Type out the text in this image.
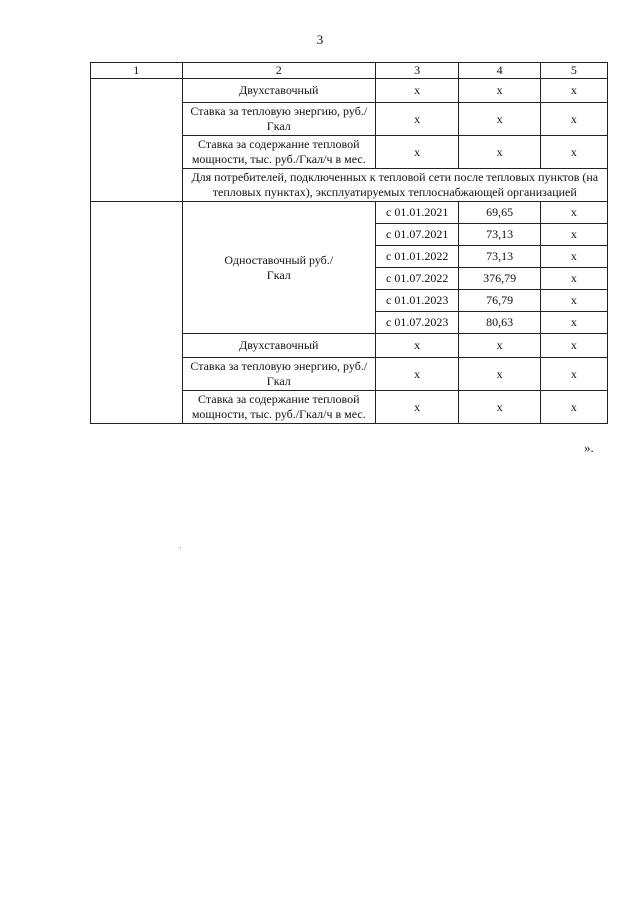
3
1	2	3	4	5
	Двухставочный	х	х	х
	Ставка за тепловую энергию, руб./Гкал	х	х	х
	Ставка за содержание тепловой мощности, тыс. руб./Гкал/ч в мес.	х	х	х
	Для потребителей, подключенных к тепловой сети после тепловых пунктов (на тепловых пунктах), эксплуатируемых теплоснабжающей организацией			
	Одноставочный руб./Гкал	с 01.01.2021	69,65	х
		с 01.07.2021	73,13	х
		с 01.01.2022	73,13	х
		с 01.07.2022	376,79	х
		с 01.01.2023	76,79	х
		с 01.07.2023	80,63	х
	Двухставочный	х	х	х
	Ставка за тепловую энергию, руб./Гкал	х	х	х
	Ставка за содержание тепловой мощности, тыс. руб./Гкал/ч в мес.	х	х	х
».
